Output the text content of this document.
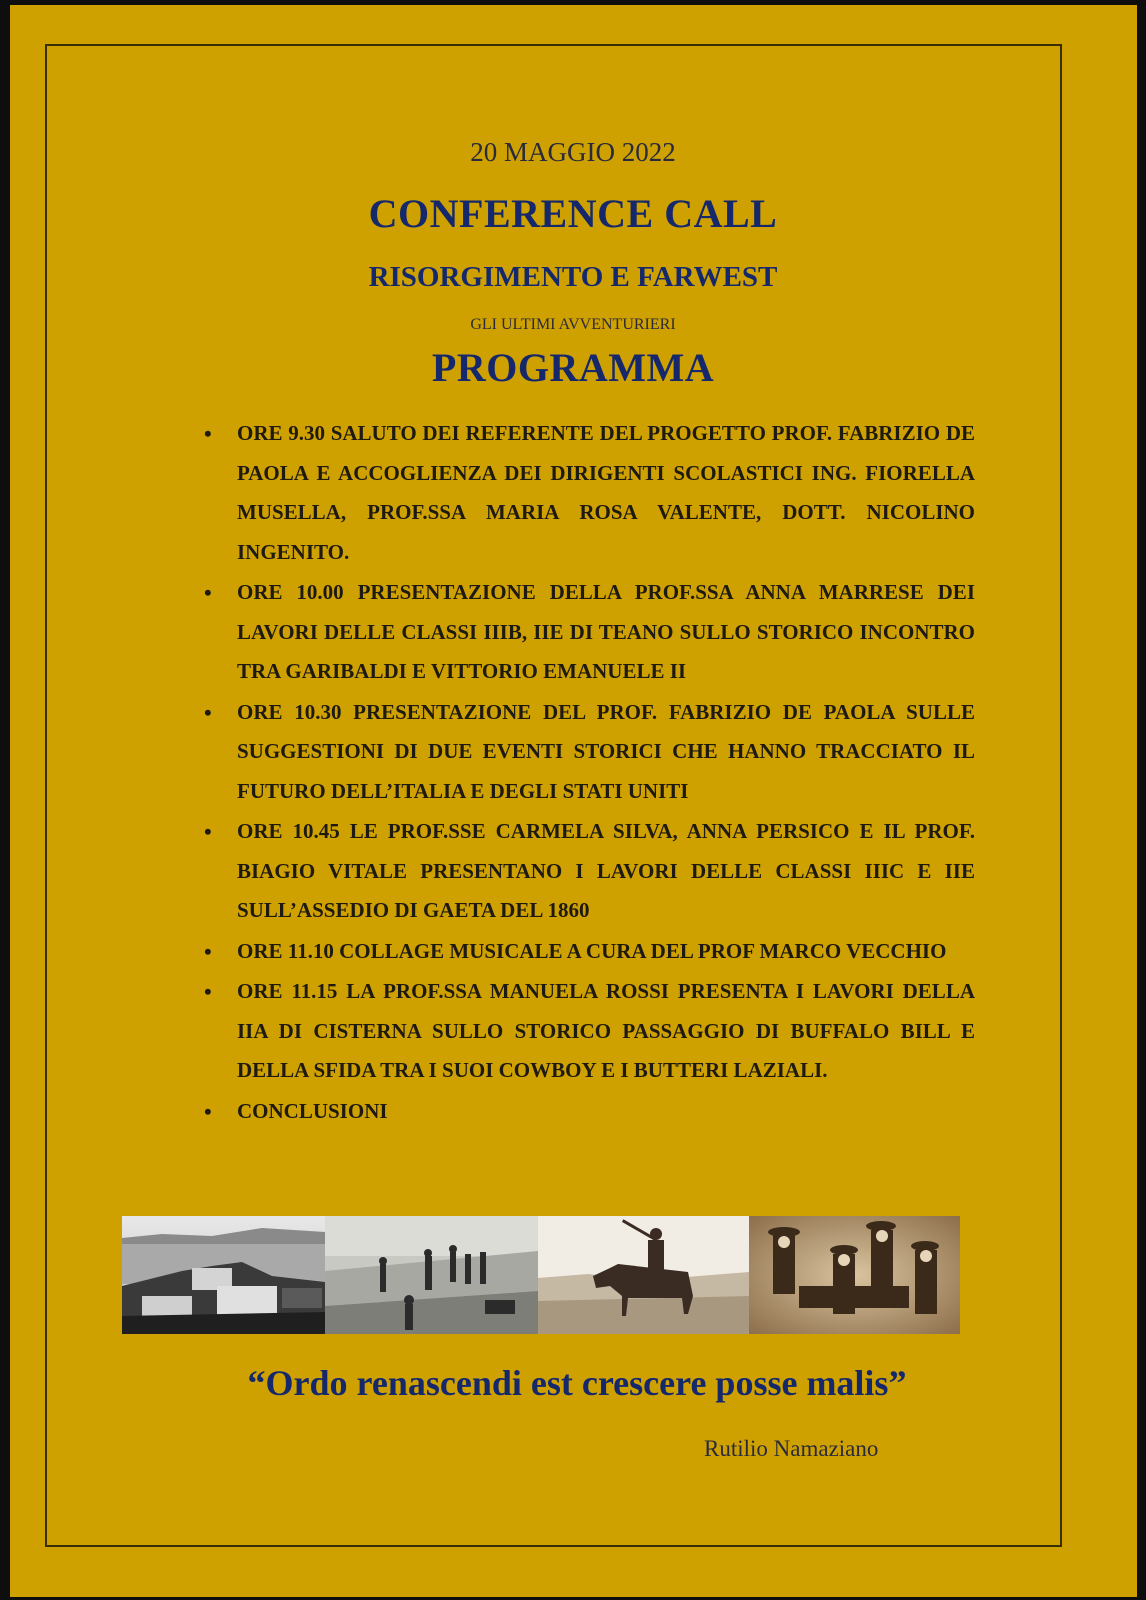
20 MAGGIO 2022
CONFERENCE CALL
RISORGIMENTO E FARWEST
GLI ULTIMI AVVENTURIERI
PROGRAMMA
• ORE 9.30 SALUTO DEI REFERENTE DEL PROGETTO PROF. FABRIZIO DE PAOLA E ACCOGLIENZA DEI DIRIGENTI SCOLASTICI ING. FIORELLA MUSELLA, PROF.SSA MARIA ROSA VALENTE, DOTT. NICOLINO INGENITO.
• ORE 10.00 PRESENTAZIONE DELLA PROF.SSA ANNA MARRESE DEI LAVORI DELLE CLASSI IIIB, IIE DI TEANO SULLO STORICO INCONTRO TRA GARIBALDI E VITTORIO EMANUELE II
• ORE 10.30 PRESENTAZIONE DEL PROF. FABRIZIO DE PAOLA SULLE SUGGESTIONI DI DUE EVENTI STORICI CHE HANNO TRACCIATO IL FUTURO DELL’ITALIA E DEGLI STATI UNITI
• ORE 10.45 LE PROF.SSE CARMELA SILVA, ANNA PERSICO E IL PROF. BIAGIO VITALE PRESENTANO I LAVORI DELLE CLASSI IIIC E IIE SULL’ASSEDIO DI GAETA DEL 1860
• ORE 11.10 COLLAGE MUSICALE A CURA DEL PROF MARCO VECCHIO
• ORE 11.15 LA PROF.SSA MANUELA ROSSI PRESENTA I LAVORI DELLA IIA DI CISTERNA SULLO STORICO PASSAGGIO DI BUFFALO BILL E DELLA SFIDA TRA I SUOI COWBOY E I BUTTERI LAZIALI.
• CONCLUSIONI
“Ordo renascendi est crescere posse malis”
Rutilio Namaziano
